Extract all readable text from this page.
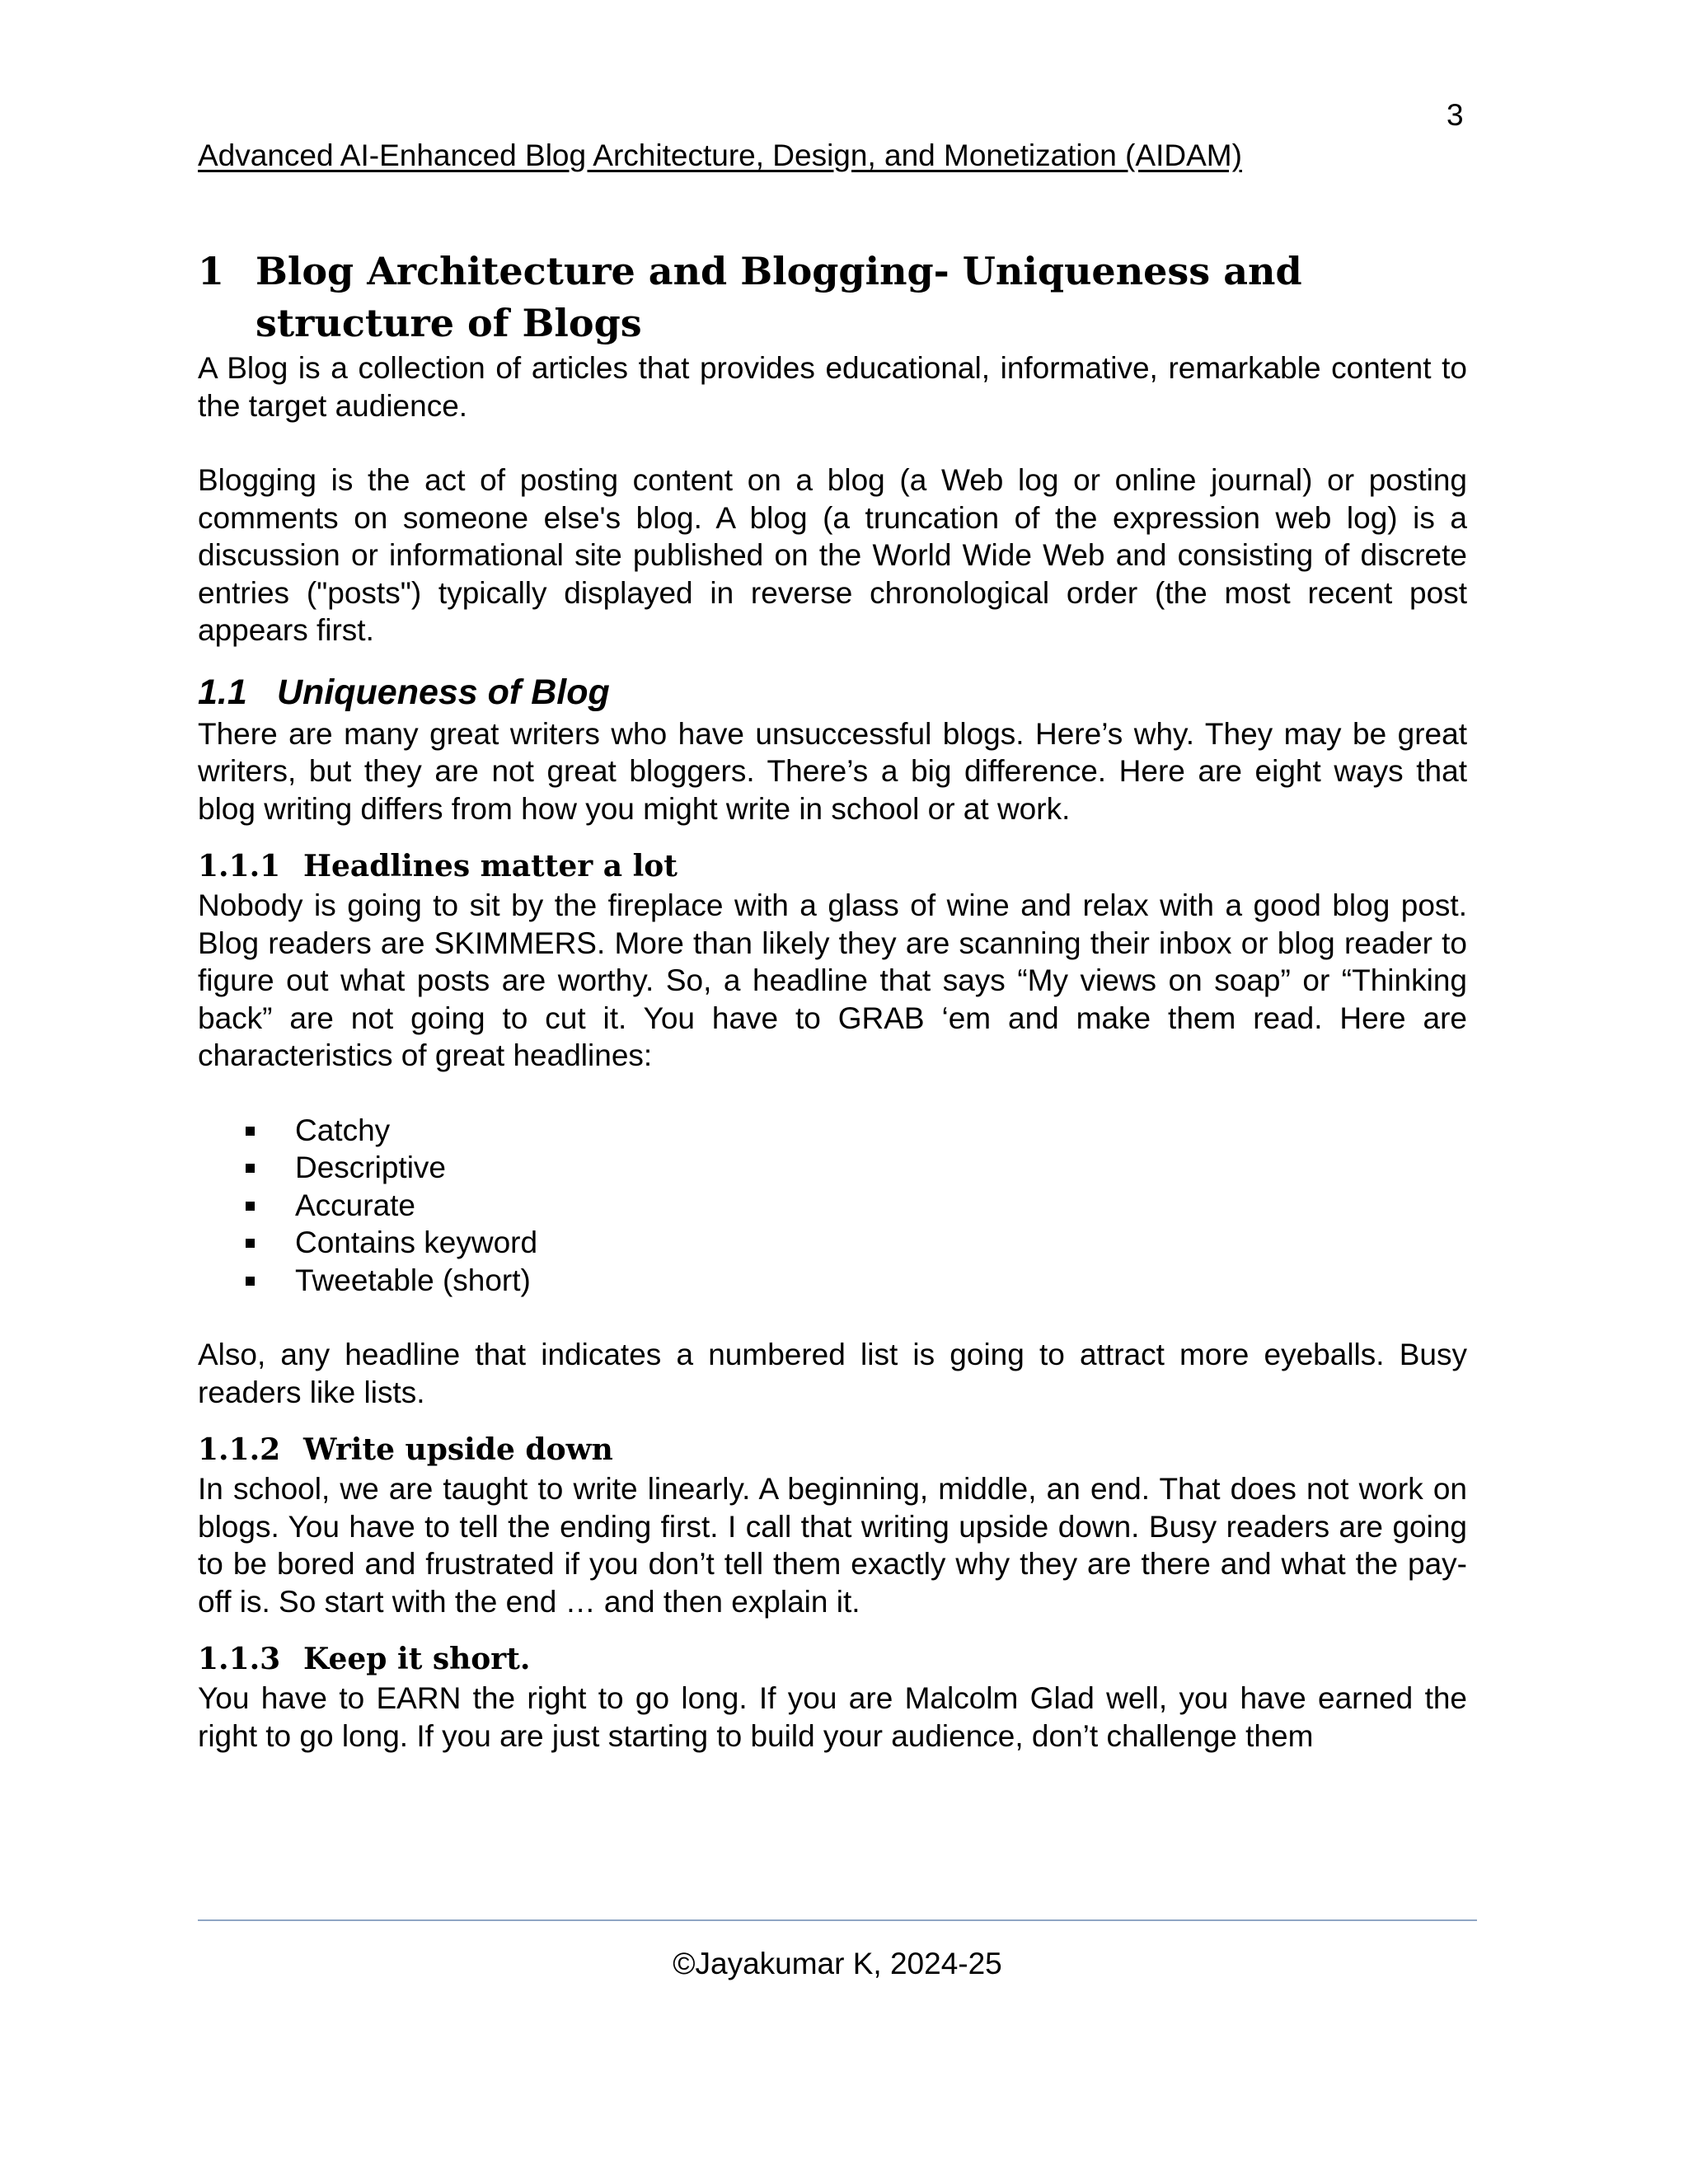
3
Advanced AI-Enhanced Blog Architecture, Design, and Monetization (AIDAM)
1 Blog Architecture and Blogging- Uniqueness and structure of Blogs

A Blog is a collection of articles that provides educational, informative, remarkable content to the target audience.

Blogging is the act of posting content on a blog (a Web log or online journal) or posting comments on someone else's blog. A blog (a truncation of the expression web log) is a discussion or informational site published on the World Wide Web and consisting of discrete entries ("posts") typically displayed in reverse chronological order (the most recent post appears first.

1.1 Uniqueness of Blog

There are many great writers who have unsuccessful blogs. Here’s why. They may be great writers, but they are not great bloggers. There’s a big difference. Here are eight ways that blog writing differs from how you might write in school or at work.

1.1.1 Headlines matter a lot

Nobody is going to sit by the fireplace with a glass of wine and relax with a good blog post. Blog readers are SKIMMERS. More than likely they are scanning their inbox or blog reader to figure out what posts are worthy. So, a headline that says “My views on soap” or “Thinking back” are not going to cut it. You have to GRAB ‘em and make them read. Here are characteristics of great headlines:

Catchy
Descriptive
Accurate
Contains keyword
Tweetable (short)

Also, any headline that indicates a numbered list is going to attract more eyeballs. Busy readers like lists.

1.1.2 Write upside down

In school, we are taught to write linearly. A beginning, middle, an end. That does not work on blogs. You have to tell the ending first. I call that writing upside down. Busy readers are going to be bored and frustrated if you don’t tell them exactly why they are there and what the pay-off is. So start with the end … and then explain it.

1.1.3 Keep it short.

You have to EARN the right to go long. If you are Malcolm Glad well, you have earned the right to go long. If you are just starting to build your audience, don’t challenge them

©Jayakumar K, 2024-25
